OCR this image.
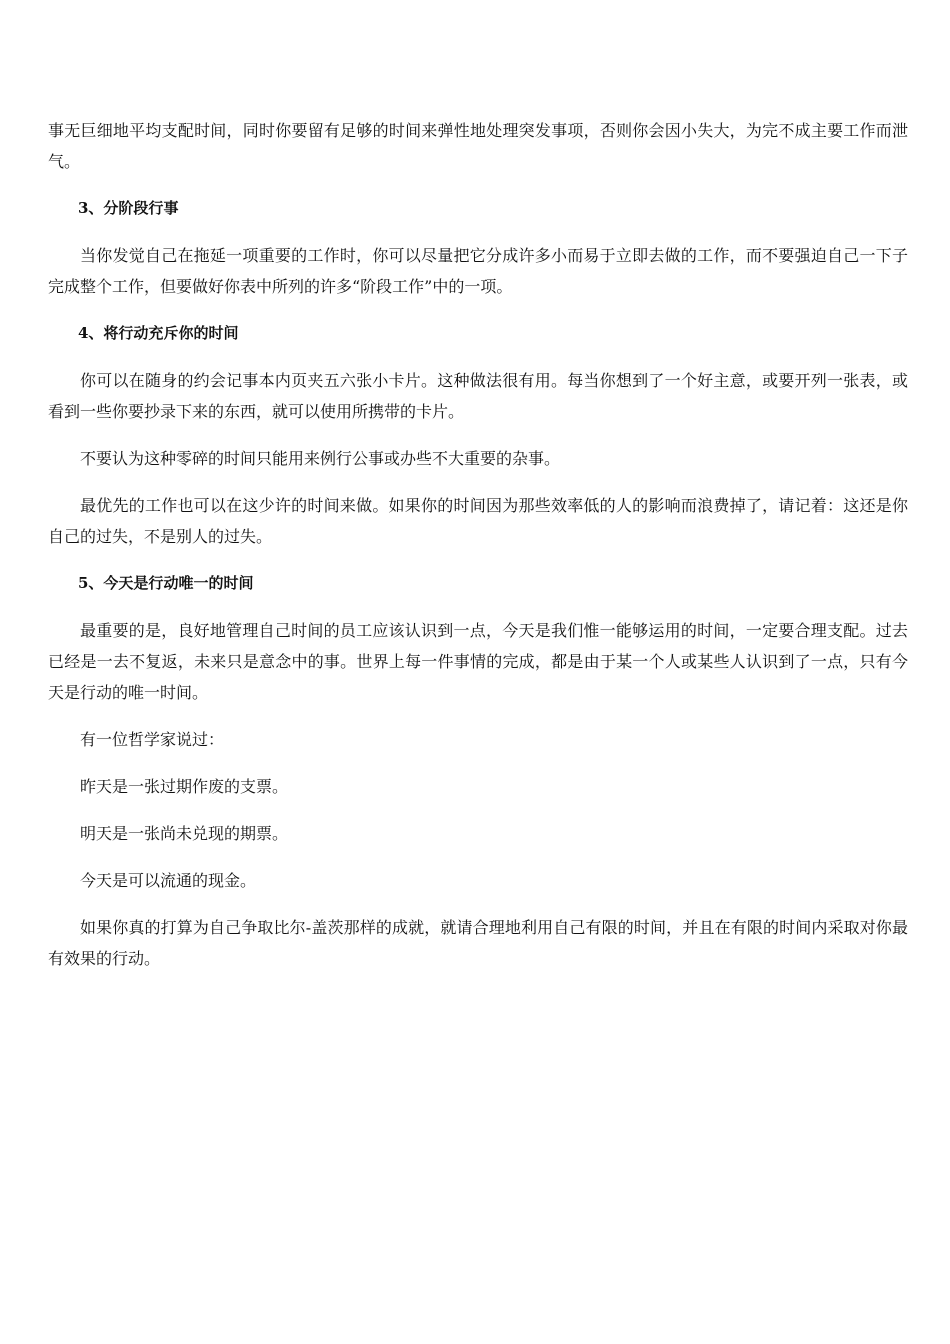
事无巨细地平均支配时间，同时你要留有足够的时间来弹性地处理突发事项，否则你会因小失大，为完不成主要工作而泄气。

3、分阶段行事

当你发觉自己在拖延一项重要的工作时，你可以尽量把它分成许多小而易于立即去做的工作，而不要强迫自己一下子完成整个工作，但要做好你表中所列的许多“阶段工作”中的一项。

4、将行动充斥你的时间

你可以在随身的约会记事本内页夹五六张小卡片。这种做法很有用。每当你想到了一个好主意，或要开列一张表，或看到一些你要抄录下来的东西，就可以使用所携带的卡片。

不要认为这种零碎的时间只能用来例行公事或办些不大重要的杂事。

最优先的工作也可以在这少许的时间来做。如果你的时间因为那些效率低的人的影响而浪费掉了，请记着：这还是你自己的过失，不是别人的过失。

5、今天是行动唯一的时间

最重要的是，良好地管理自己时间的员工应该认识到一点，今天是我们惟一能够运用的时间，一定要合理支配。过去已经是一去不复返，未来只是意念中的事。世界上每一件事情的完成，都是由于某一个人或某些人认识到了一点，只有今天是行动的唯一时间。

有一位哲学家说过：

昨天是一张过期作废的支票。

明天是一张尚未兑现的期票。

今天是可以流通的现金。

如果你真的打算为自己争取比尔-盖茨那样的成就，就请合理地利用自己有限的时间，并且在有限的时间内采取对你最有效果的行动。
